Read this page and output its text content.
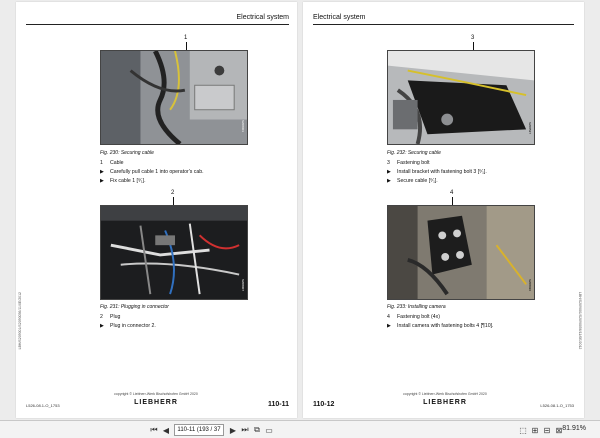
Electrical system
1
S208001
Fig. 230: Securing cable
1 Cable
▶ Carefully pull cable 1 into operator's cab.
▶ Fix cable 1 [⁰⁄₁].
2
S208007
Fig. 231: Plugging in connector
2 Plug
▶ Plug in connector 2.
LBH/S209001/S2090056/11/0E/2012
copyright © Liebherr-Werk Bischofshofen GmbH 2020
LIEBHERR
L526-08.1-O_1753	110-11
Electrical system
3
S208527
Fig. 232: Securing cable
3 Fastening bolt
▶ Install bracket with fastening bolt 3 [⁰⁄₁].
▶ Secure cable [⁰⁄₁].
4
S208026
Fig. 233: Installing camera
4 Fastening bolt (4x)
▶ Install camera with fastening bolts 4 [¶10].	LBH/S209001/S2090056/11/0E/2012
110-12
copyright © Liebherr-Werk Bischofshofen GmbH 2020
LIEBHERR	L526-08.1-O_1753
⏮ ◀	110-11 (193 / 37	▶ ⏭ ⧉ ▭	⬚ ⊞ ⊟ ⊠ 81.91%
